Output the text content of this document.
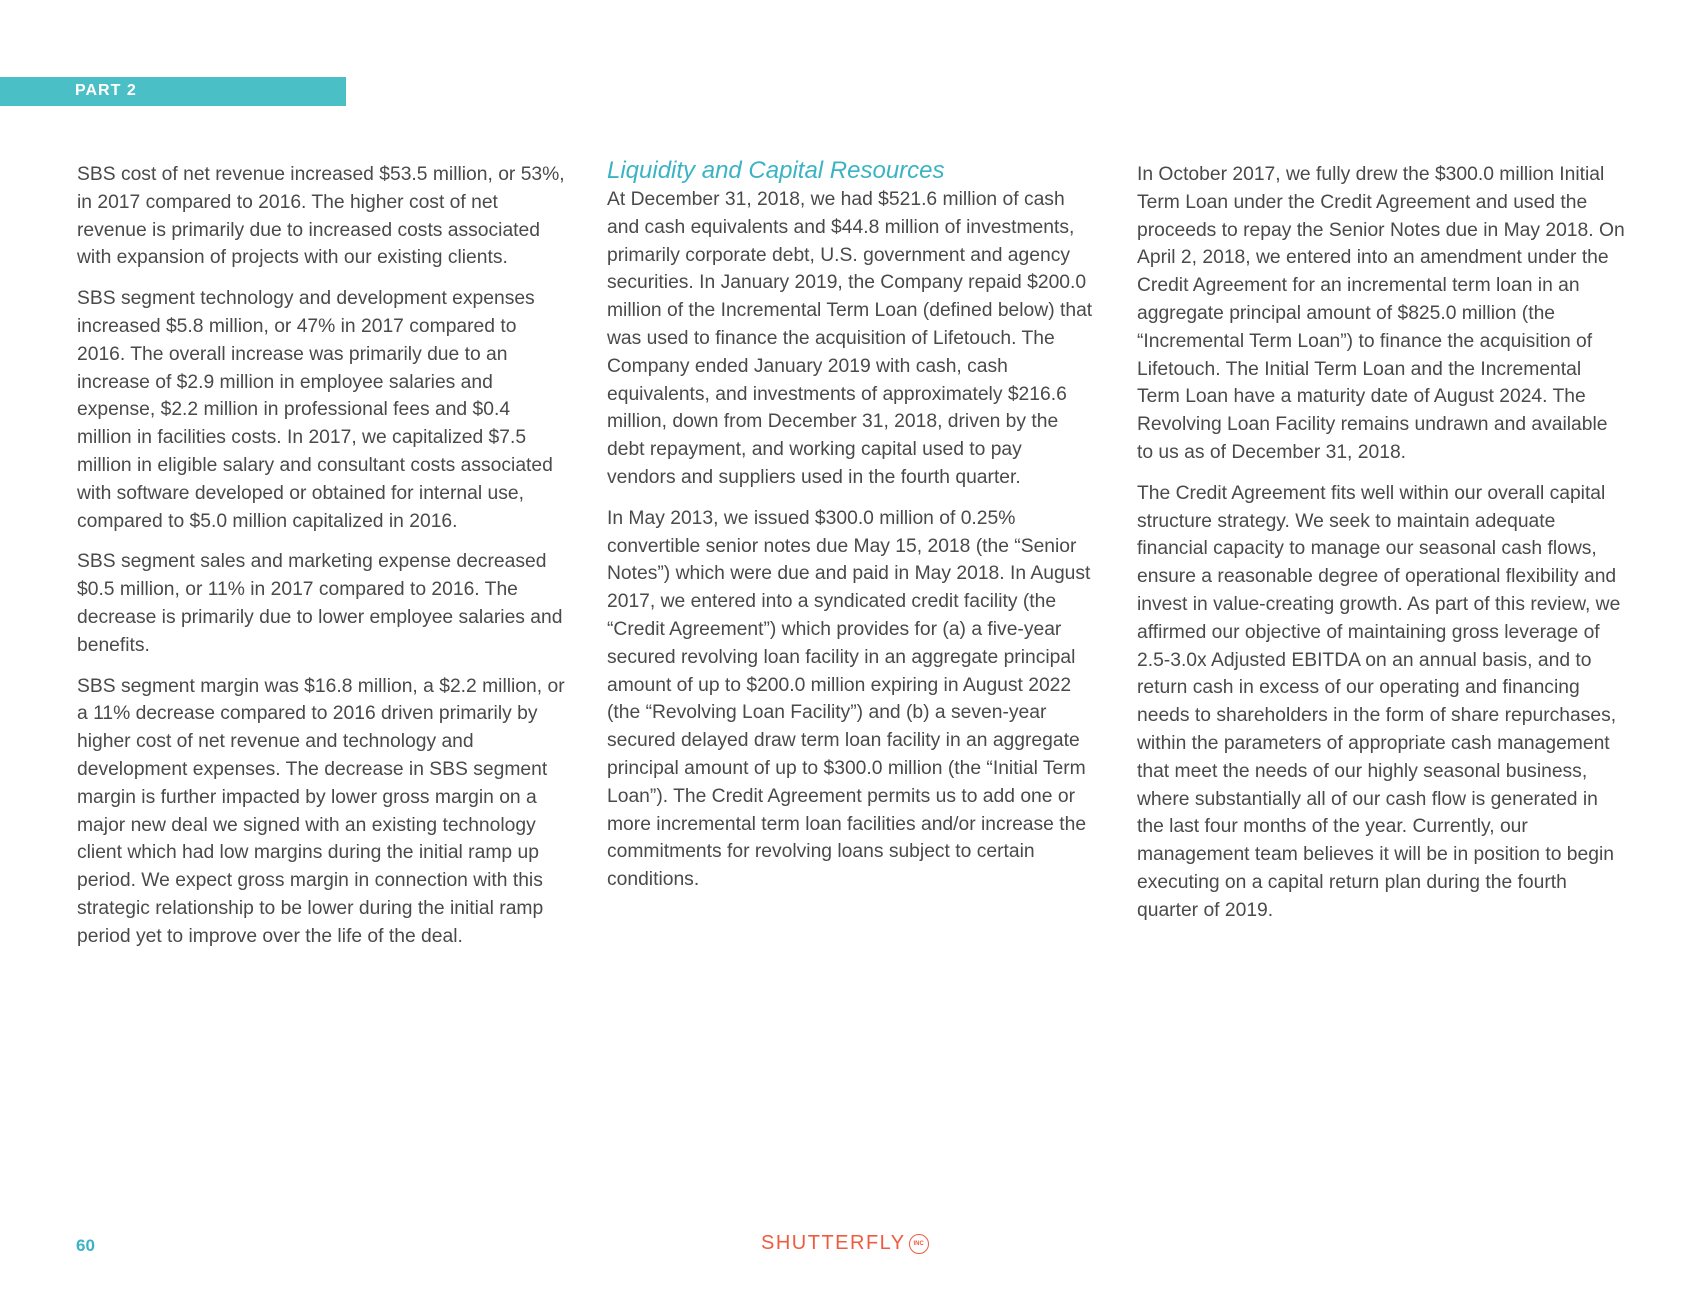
PART 2

SBS cost of net revenue increased $53.5 million, or 53%, in 2017 compared to 2016. The higher cost of net revenue is primarily due to increased costs associated with expansion of projects with our existing clients.

SBS segment technology and development expenses increased $5.8 million, or 47% in 2017 compared to 2016. The overall increase was primarily due to an increase of $2.9 million in employee salaries and expense, $2.2 million in professional fees and $0.4 million in facilities costs. In 2017, we capitalized $7.5 million in eligible salary and consultant costs associated with software developed or obtained for internal use, compared to $5.0 million capitalized in 2016.

SBS segment sales and marketing expense decreased $0.5 million, or 11% in 2017 compared to 2016. The decrease is primarily due to lower employee salaries and benefits.

SBS segment margin was $16.8 million, a $2.2 million, or a 11% decrease compared to 2016 driven primarily by higher cost of net revenue and technology and development expenses. The decrease in SBS segment margin is further impacted by lower gross margin on a major new deal we signed with an existing technology client which had low margins during the initial ramp up period. We expect gross margin in connection with this strategic relationship to be lower during the initial ramp period yet to improve over the life of the deal.

Liquidity and Capital Resources

At December 31, 2018, we had $521.6 million of cash and cash equivalents and $44.8 million of investments, primarily corporate debt, U.S. government and agency securities. In January 2019, the Company repaid $200.0 million of the Incremental Term Loan (defined below) that was used to finance the acquisition of Lifetouch. The Company ended January 2019 with cash, cash equivalents, and investments of approximately $216.6 million, down from December 31, 2018, driven by the debt repayment, and working capital used to pay vendors and suppliers used in the fourth quarter.

In May 2013, we issued $300.0 million of 0.25% convertible senior notes due May 15, 2018 (the “Senior Notes”) which were due and paid in May 2018. In August 2017, we entered into a syndicated credit facility (the “Credit Agreement”) which provides for (a) a five-year secured revolving loan facility in an aggregate principal amount of up to $200.0 million expiring in August 2022 (the “Revolving Loan Facility”) and (b) a seven-year secured delayed draw term loan facility in an aggregate principal amount of up to $300.0 million (the “Initial Term Loan”). The Credit Agreement permits us to add one or more incremental term loan facilities and/or increase the commitments for revolving loans subject to certain conditions.

In October 2017, we fully drew the $300.0 million Initial Term Loan under the Credit Agreement and used the proceeds to repay the Senior Notes due in May 2018. On April 2, 2018, we entered into an amendment under the Credit Agreement for an incremental term loan in an aggregate principal amount of $825.0 million (the “Incremental Term Loan”) to finance the acquisition of Lifetouch. The Initial Term Loan and the Incremental Term Loan have a maturity date of August 2024. The Revolving Loan Facility remains undrawn and available to us as of December 31, 2018.

The Credit Agreement fits well within our overall capital structure strategy. We seek to maintain adequate financial capacity to manage our seasonal cash flows, ensure a reasonable degree of operational flexibility and invest in value-creating growth. As part of this review, we affirmed our objective of maintaining gross leverage of 2.5-3.0x Adjusted EBITDA on an annual basis, and to return cash in excess of our operating and financing needs to shareholders in the form of share repurchases, within the parameters of appropriate cash management that meet the needs of our highly seasonal business, where substantially all of our cash flow is generated in the last four months of the year. Currently, our management team believes it will be in position to begin executing on a capital return plan during the fourth quarter of 2019.

60	SHUTTERFLY	INC
